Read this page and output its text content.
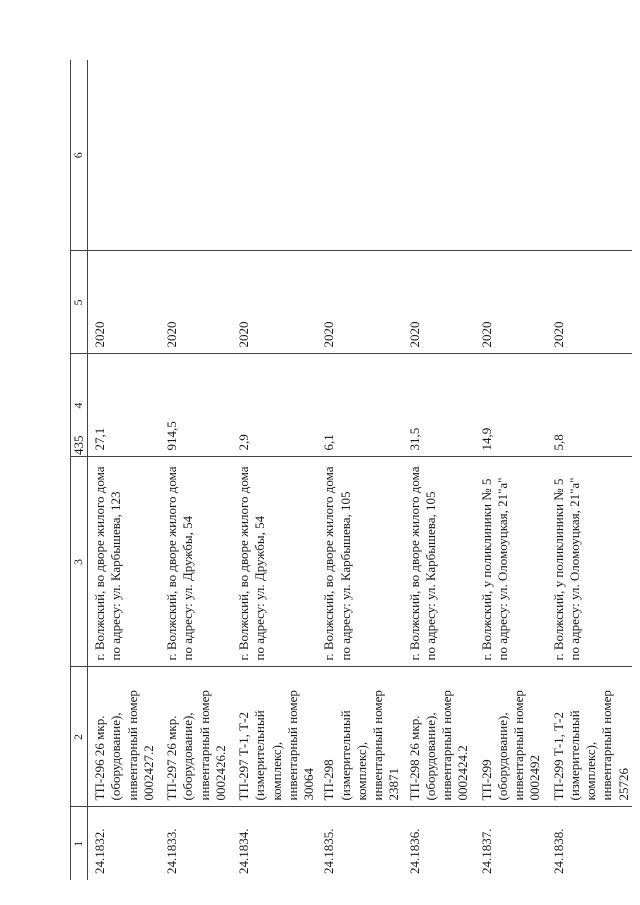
435
1	2	3	4	5	6
24.1832.	ТП-296 26 мкр. (оборудование), инвентарный номер 0002427.2	г. Волжский, во дворе жилого дома по адресу: ул. Карбышева, 123	27,1	2020	
24.1833.	ТП-297 26 мкр. (оборудование), инвентарный номер 0002426.2	г. Волжский, во дворе жилого дома по адресу: ул. Дружбы, 54	914,5	2020	
24.1834.	ТП-297 Т-1, Т-2 (измерительный комплекс), инвентарный номер 30064	г. Волжский, во дворе жилого дома по адресу: ул. Дружбы, 54	2,9	2020	
24.1835.	ТП-298 (измерительный комплекс), инвентарный номер 23871	г. Волжский, во дворе жилого дома по адресу: ул. Карбышева, 105	6,1	2020	
24.1836.	ТП-298 26 мкр. (оборудование), инвентарный номер 0002424.2	г. Волжский, во дворе жилого дома по адресу: ул. Карбышева, 105	31,5	2020	
24.1837.	ТП-299 (оборудование), инвентарный номер 0002492	г. Волжский, у поликлиники № 5 по адресу: ул. Оломоуцкая, 21"а"	14,9	2020	
24.1838.	ТП-299 Т-1, Т-2 (измерительный комплекс), инвентарный номер 25726	г. Волжский, у поликлиники № 5 по адресу: ул. Оломоуцкая, 21"а"	5,8	2020	
